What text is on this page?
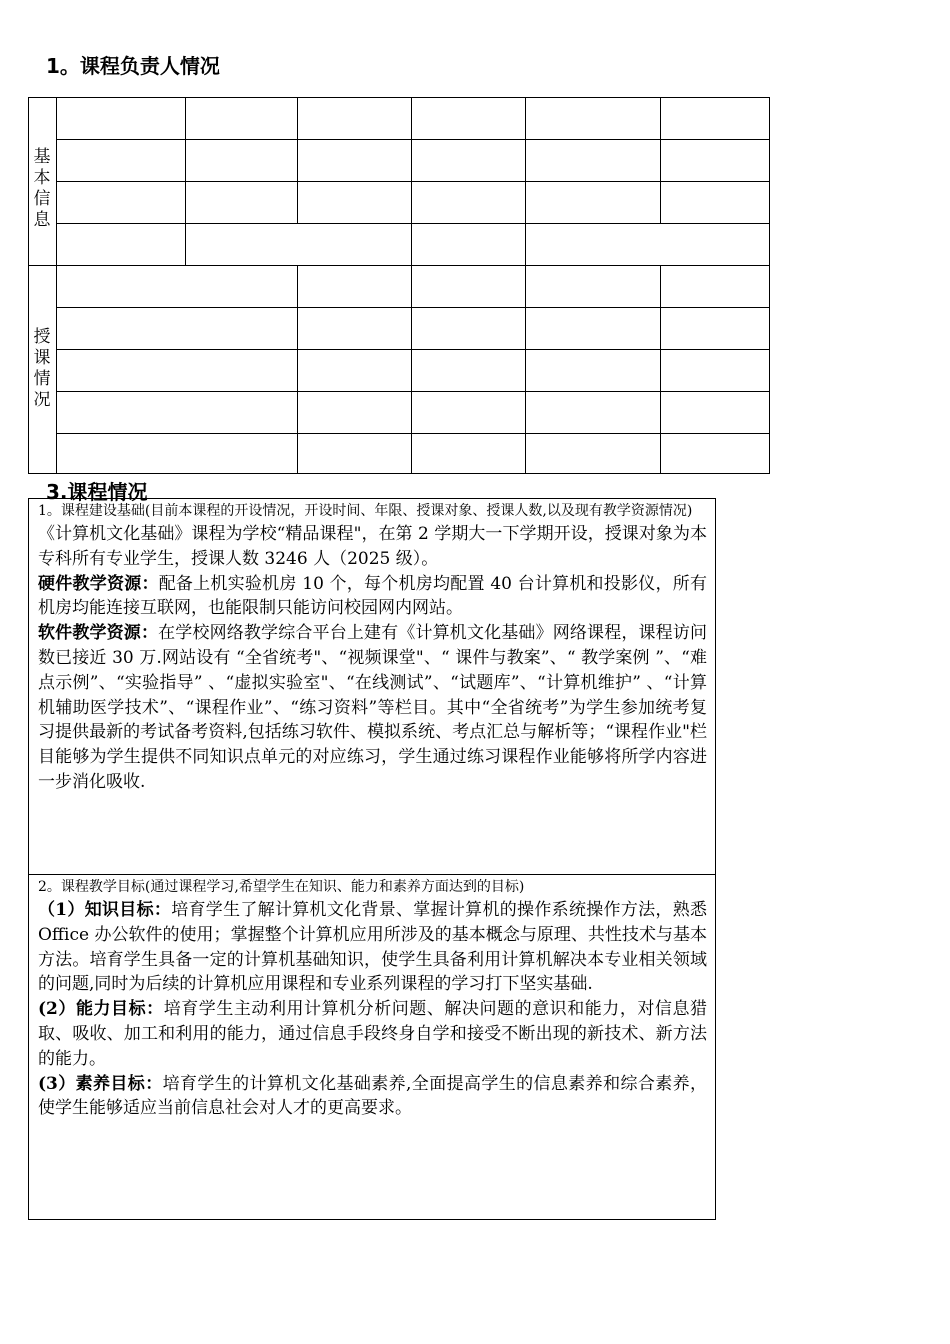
1。课程负责人情况
基
本
信
息
授
课
情
况
3.课程情况

1。课程建设基础(目前本课程的开设情况，开设时间、年限、授课对象、授课人数,以及现有教学资源情况)

《计算机文化基础》课程为学校“精品课程"，在第 2 学期大一下学期开设，授课对象为本专科所有专业学生，授课人数 3246 人（2025 级）。

硬件教学资源：配备上机实验机房 10 个，每个机房均配置 40 台计算机和投影仪，所有机房均能连接互联网，也能限制只能访问校园网内网站。

软件教学资源：在学校网络教学综合平台上建有《计算机文化基础》网络课程，课程访问数已接近 30 万.网站设有 “全省统考"、“视频课堂"、“ 课件与教案”、“ 教学案例 ”、“难点示例”、“实验指导” 、“虚拟实验室"、“在线测试”、“试题库”、“计算机维护” 、“计算机辅助医学技术”、“课程作业”、“练习资料”等栏目。其中“全省统考”为学生参加统考复习提供最新的考试备考资料,包括练习软件、模拟系统、考点汇总与解析等；“课程作业"栏目能够为学生提供不同知识点单元的对应练习，学生通过练习课程作业能够将所学内容进一步消化吸收.

2。课程教学目标(通过课程学习,希望学生在知识、能力和素养方面达到的目标)

（1）知识目标：培育学生了解计算机文化背景、掌握计算机的操作系统操作方法，熟悉 Office 办公软件的使用；掌握整个计算机应用所涉及的基本概念与原理、共性技术与基本方法。培育学生具备一定的计算机基础知识，使学生具备利用计算机解决本专业相关领域的问题,同时为后续的计算机应用课程和专业系列课程的学习打下坚实基础.

(2）能力目标：培育学生主动利用计算机分析问题、解决问题的意识和能力，对信息猎取、吸收、加工和利用的能力，通过信息手段终身自学和接受不断出现的新技术、新方法的能力。

(3）素养目标：培育学生的计算机文化基础素养,全面提高学生的信息素养和综合素养，使学生能够适应当前信息社会对人才的更高要求。
